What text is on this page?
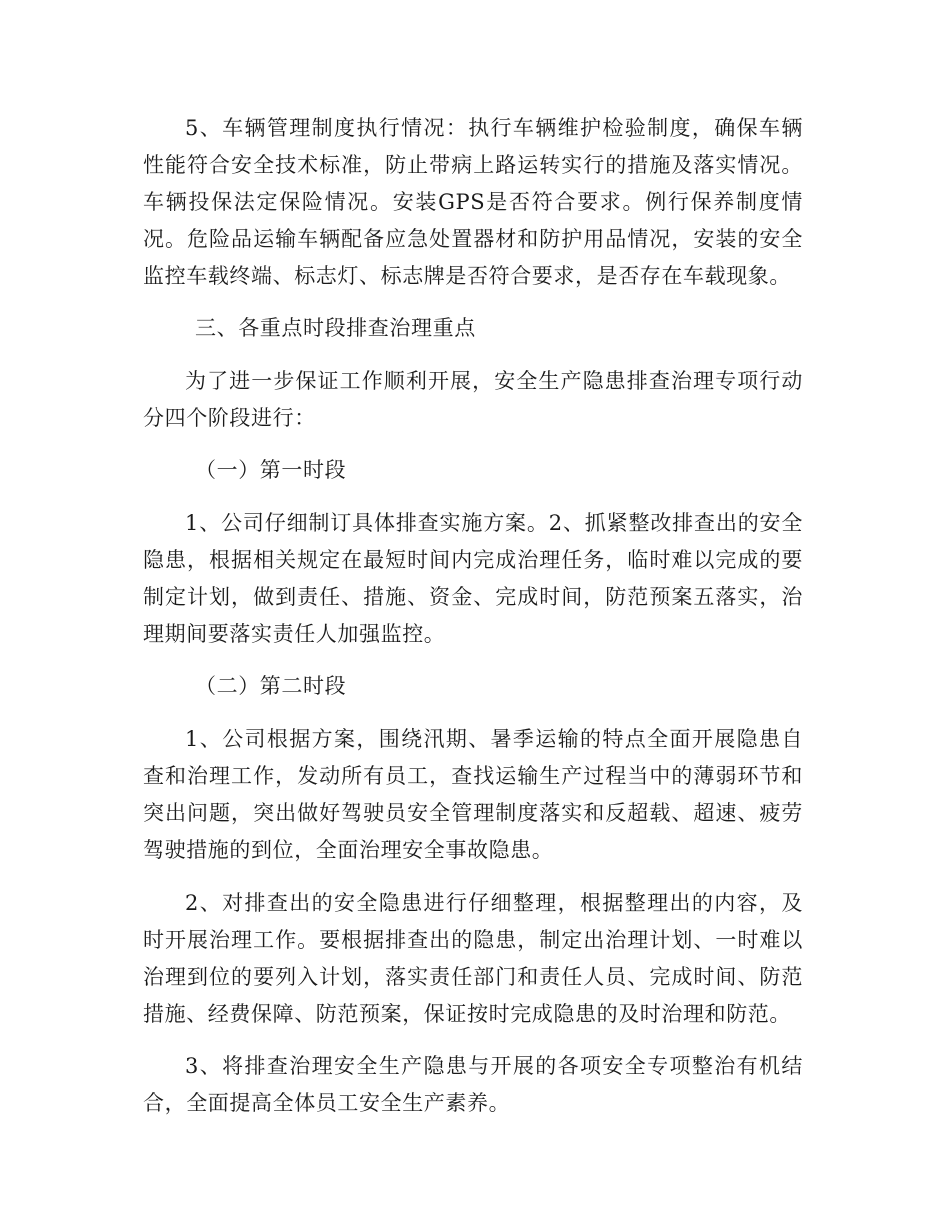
5、车辆管理制度执行情况：执行车辆维护检验制度，确保车辆性能符合安全技术标准，防止带病上路运转实行的措施及落实情况。车辆投保法定保险情况。安装GPS是否符合要求。例行保养制度情况。危险品运输车辆配备应急处置器材和防护用品情况，安装的安全监控车载终端、标志灯、标志牌是否符合要求，是否存在车载现象。

三、各重点时段排查治理重点

为了进一步保证工作顺利开展，安全生产隐患排查治理专项行动分四个阶段进行：

（一）第一时段

1、公司仔细制订具体排查实施方案。2、抓紧整改排查出的安全隐患，根据相关规定在最短时间内完成治理任务，临时难以完成的要制定计划，做到责任、措施、资金、完成时间，防范预案五落实，治理期间要落实责任人加强监控。

（二）第二时段

1、公司根据方案，围绕汛期、暑季运输的特点全面开展隐患自查和治理工作，发动所有员工，查找运输生产过程当中的薄弱环节和突出问题，突出做好驾驶员安全管理制度落实和反超载、超速、疲劳驾驶措施的到位，全面治理安全事故隐患。

2、对排查出的安全隐患进行仔细整理，根据整理出的内容，及时开展治理工作。要根据排查出的隐患，制定出治理计划、一时难以治理到位的要列入计划，落实责任部门和责任人员、完成时间、防范措施、经费保障、防范预案，保证按时完成隐患的及时治理和防范。

3、将排查治理安全生产隐患与开展的各项安全专项整治有机结合，全面提高全体员工安全生产素养。
